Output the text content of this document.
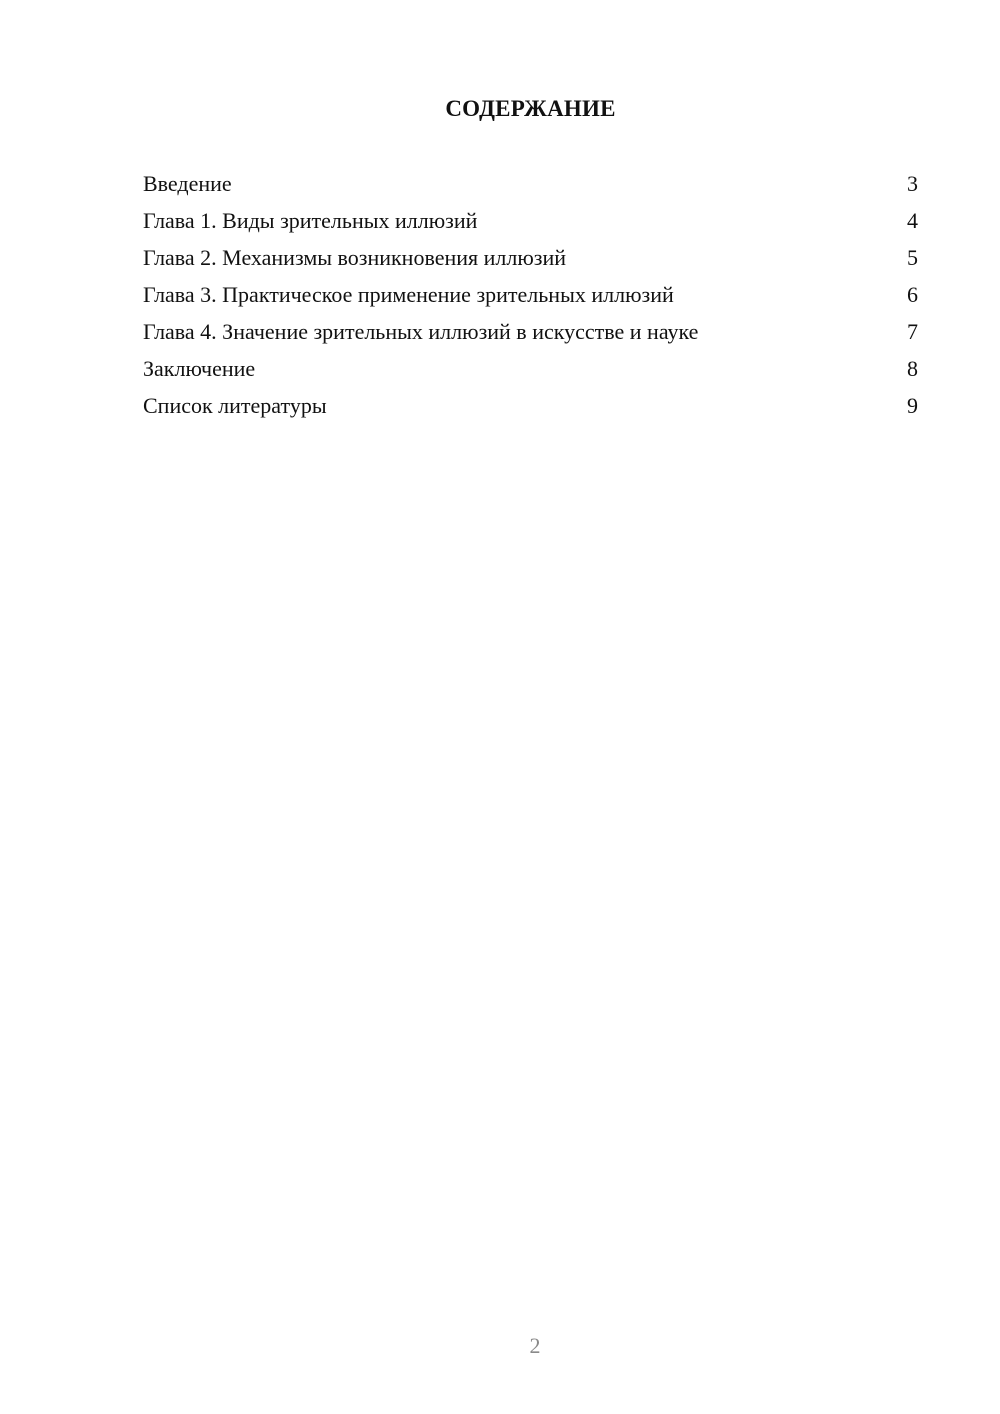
СОДЕРЖАНИЕ
Введение	3
Глава 1. Виды зрительных иллюзий	4
Глава 2. Механизмы возникновения иллюзий	5
Глава 3. Практическое применение зрительных иллюзий	6
Глава 4. Значение зрительных иллюзий в искусстве и науке	7
Заключение	8
Список литературы	9
2
